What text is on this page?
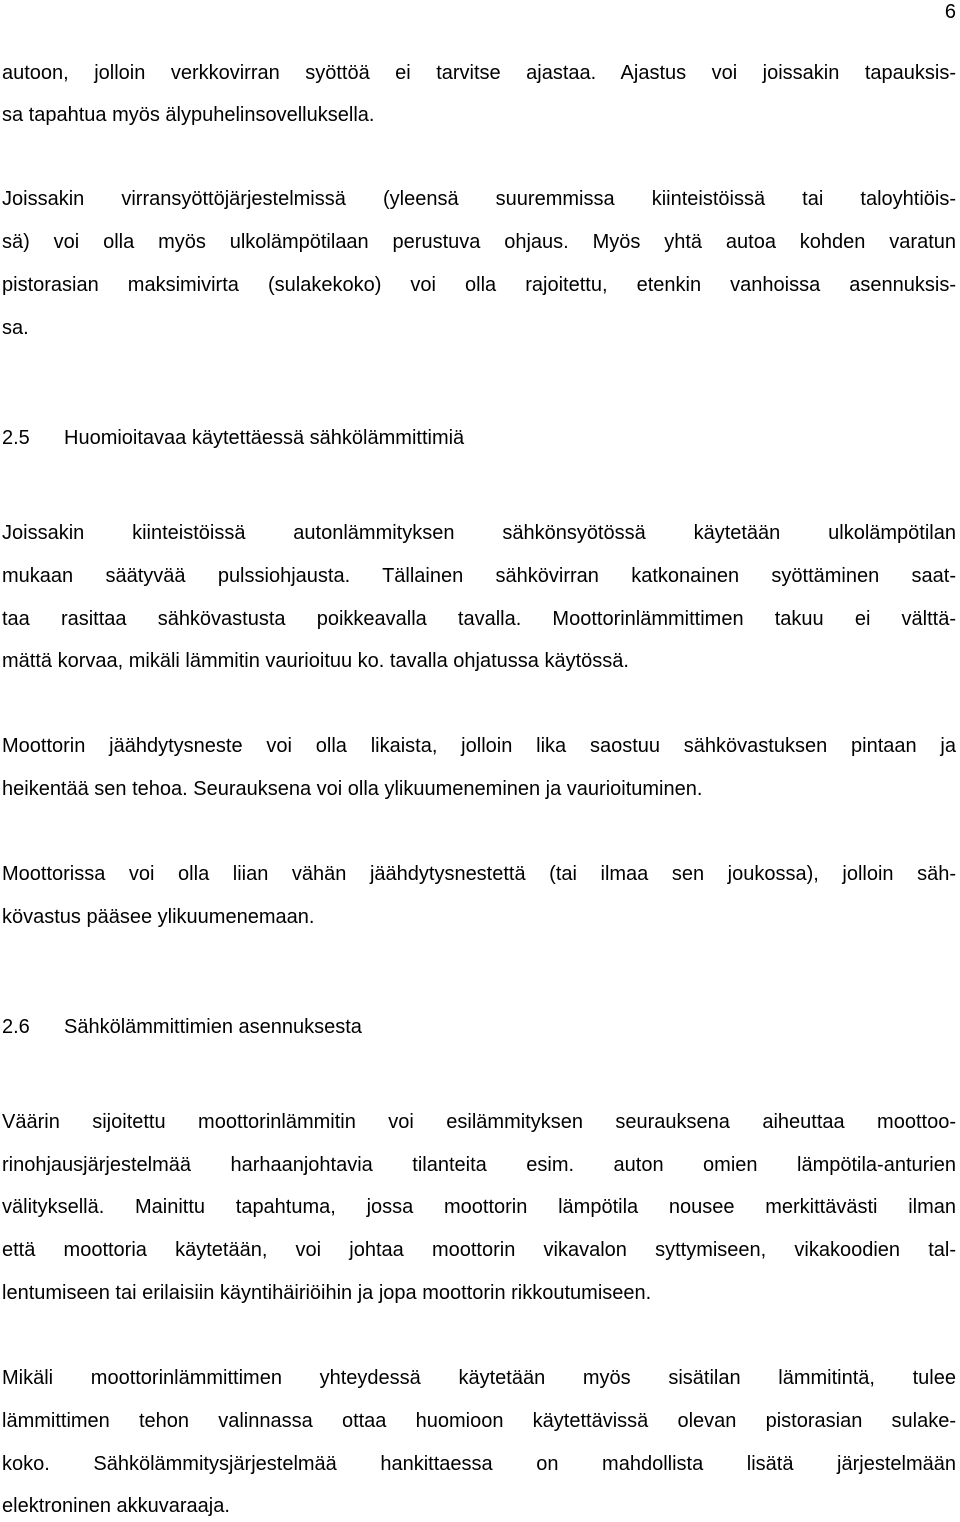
6
autoon, jolloin verkkovirran syöttöä ei tarvitse ajastaa. Ajastus voi joissakin tapauksis-
sa tapahtua myös älypuhelinsovelluksella.
Joissakin virransyöttöjärjestelmissä (yleensä suuremmissa kiinteistöissä tai taloyhtiöis-
sä) voi olla myös ulkolämpötilaan perustuva ohjaus. Myös yhtä autoa kohden varatun
pistorasian maksimivirta (sulakekoko) voi olla rajoitettu, etenkin vanhoissa asennuksis-
sa.
2.5 Huomioitavaa käytettäessä sähkölämmittimiä
Joissakin kiinteistöissä autonlämmityksen sähkönsyötössä käytetään ulkolämpötilan
mukaan säätyvää pulssiohjausta. Tällainen sähkövirran katkonainen syöttäminen saat-
taa rasittaa sähkövastusta poikkeavalla tavalla. Moottorinlämmittimen takuu ei välttä-
mättä korvaa, mikäli lämmitin vaurioituu ko. tavalla ohjatussa käytössä.
Moottorin jäähdytysneste voi olla likaista, jolloin lika saostuu sähkövastuksen pintaan ja
heikentää sen tehoa. Seurauksena voi olla ylikuumeneminen ja vaurioituminen.
Moottorissa voi olla liian vähän jäähdytysnestettä (tai ilmaa sen joukossa), jolloin säh-
kövastus pääsee ylikuumenemaan.
2.6 Sähkölämmittimien asennuksesta
Väärin sijoitettu moottorinlämmitin voi esilämmityksen seurauksena aiheuttaa moottoo-
rinohjausjärjestelmää harhaanjohtavia tilanteita esim. auton omien lämpötila-anturien
välityksellä. Mainittu tapahtuma, jossa moottorin lämpötila nousee merkittävästi ilman
että moottoria käytetään, voi johtaa moottorin vikavalon syttymiseen, vikakoodien tal-
lentumiseen tai erilaisiin käyntihäiriöihin ja jopa moottorin rikkoutumiseen.
Mikäli moottorinlämmittimen yhteydessä käytetään myös sisätilan lämmitintä, tulee
lämmittimen tehon valinnassa ottaa huomioon käytettävissä olevan pistorasian sulake-
koko. Sähkölämmitysjärjestelmää hankittaessa on mahdollista lisätä järjestelmään
elektroninen akkuvaraaja.
